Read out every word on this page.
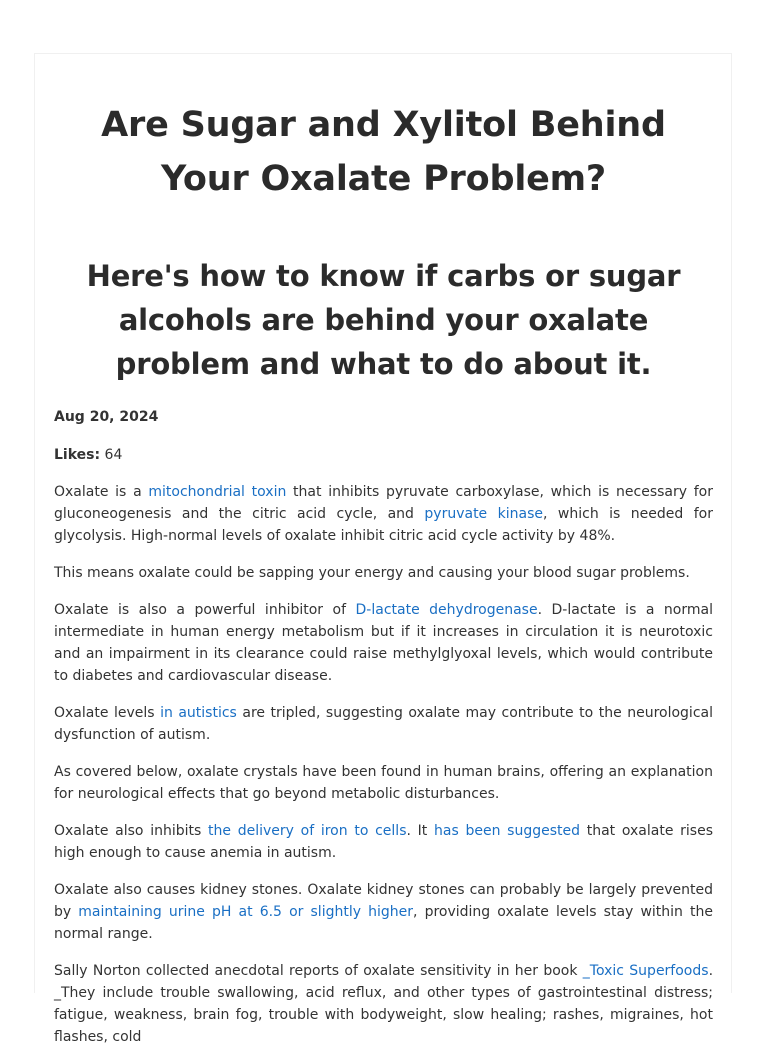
Are Sugar and Xylitol Behind Your Oxalate Problem?
Here's how to know if carbs or sugar alcohols are behind your oxalate problem and what to do about it.
Aug 20, 2024
Likes: 64

Oxalate is a mitochondrial toxin that inhibits pyruvate carboxylase, which is necessary for gluconeogenesis and the citric acid cycle, and pyruvate kinase, which is needed for glycolysis. High-normal levels of oxalate inhibit citric acid cycle activity by 48%.

This means oxalate could be sapping your energy and causing your blood sugar problems.

Oxalate is also a powerful inhibitor of D-lactate dehydrogenase. D-lactate is a normal intermediate in human energy metabolism but if it increases in circulation it is neurotoxic and an impairment in its clearance could raise methylglyoxal levels, which would contribute to diabetes and cardiovascular disease.

Oxalate levels in autistics are tripled, suggesting oxalate may contribute to the neurological dysfunction of autism.

As covered below, oxalate crystals have been found in human brains, offering an explanation for neurological effects that go beyond metabolic disturbances.

Oxalate also inhibits the delivery of iron to cells. It has been suggested that oxalate rises high enough to cause anemia in autism.

Oxalate also causes kidney stones. Oxalate kidney stones can probably be largely prevented by maintaining urine pH at 6.5 or slightly higher, providing oxalate levels stay within the normal range.

Sally Norton collected anecdotal reports of oxalate sensitivity in her book _Toxic Superfoods. _They include trouble swallowing, acid reflux, and other types of gastrointestinal distress; fatigue, weakness, brain fog, trouble with bodyweight, slow healing; rashes, migraines, hot flashes, cold
